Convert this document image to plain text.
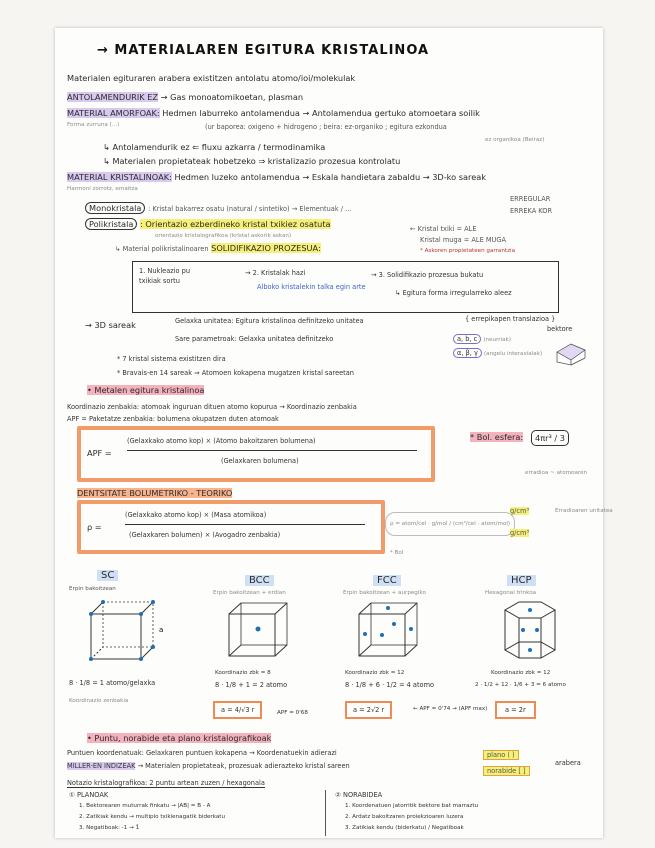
→ MATERIALAREN EGITURA KRISTALINOA
Materialen egituraren arabera existitzen antolatu atomo/ioi/molekulak
ANTOLAMENDURIK EZ → Gas monoatomikoetan, plasman
MATERIAL AMORFOAK: Hedmen laburreko antolamendua → Antolamendua gertuko atomoetara soilik
Forma zurruna (...)	(ur baporea: oxigeno + hidrogeno ; beira: ez-organiko ; egitura ezkondua
ez organikoa (Beiraz)
↳ Antolamendurik ez ⇐ fluxu azkarra / termodinamika
↳ Materialen propietateak hobetzeko ⇒ kristalizazio prozesua kontrolatu
MATERIAL KRISTALINOAK: Hedmen luzeko antolamendua → Eskala handietara zabaldu → 3D-ko sareak
Harmoni zorrotz, emaitza
ERREGULAR
ERREKA KOR
Monokristala : Kristal bakarrez osatu (natural / sintetiko) → Elementuak / ...
Polikristala : Orientazio ezberdineko kristal txikiez osatuta
orientazio kristalografikoa (kristal askorik askan)
← Kristal txiki = ALE
Kristal muga = ALE MUGA
* Askoren propietateen garrantzia
↳ Material polikristalinoaren SOLIDIFIKAZIO PROZESUA:
1. Nukleazio pu txikiak sortu
→ 2. Kristalak hazi
Alboko kristalekin talka egin arte
→ 3. Solidifikazio prozesua bukatu
↳ Egitura forma irregularreko aleez
→ 3D sareak	Gelaxka unitatea: Egitura kristalinoa definitzeko unitatea
Sare parametroak: Gelaxka unitatea definitzeko
{ errepikapen translazioa }
bektore
a, b, c (neurriak)
α, β, γ (angelu interaxialak)
* 7 kristal sistema existitzen dira
* Bravais-en 14 sareak ⇒ Atomoen kokapena mugatzen kristal sareetan
• Metalen egitura kristalinoa
Koordinazio zenbakia: atomoak inguruan dituen atomo kopurua → Koordinazio zenbakia
APF = Paketatze zenbakia: bolumena okupatzen duten atomoak
APF =
(Gelaxkako atomo kop) × (Atomo bakoitzaren bolumena)
(Gelaxkaren bolumena)
* Bol. esfera:	4πr³ / 3
erradioa ~ atomoaren
DENTSITATE BOLUMETRIKO - TEORIKO
ρ =
(Gelaxkako atomo kop) × (Masa atomikoa)
(Gelaxkaren bolumen) × (Avogadro zenbakia)
ρ = atom/cel · g/mol / (cm³/cel · atom/mol)
g/cm³
g/cm³
Erradioaren unitatea
* Bol
SC
Erpin bakoitzean
a
8 · 1/8 = 1 atomo/gelaxka
Koordinazio zenbakia
BCC
Erpin bakoitzean + erdian
Koordinazio zbk = 8
8 · 1/8 + 1 = 2 atomo
a = 4/√3 r	APF = 0'68
FCC
Erpin bakoitzean + aurpegiko
Koordinazio zbk = 12
8 · 1/8 + 6 · 1/2 = 4 atomo
a = 2√2 r	← APF = 0'74 → (APF max)
HCP
Hexagonal trinkoa
Koordinazio zbk = 12
2 · 1/2 + 12 · 1/6 + 3 = 6 atomo
a = 2r
• Puntu, norabide eta plano kristalografikoak
Puntuen koordenatuak: Gelaxkaren puntuen kokapena → Koordenatuekin adierazi
MILLER-EN INDIZEAK → Materialen propietateak, prozesuak adierazteko kristal sareen
plano ( )
norabide [ ]
arabera
Notazio kristalografikoa: 2 puntu artean zuzen / hexagonala
① PLANOAK
1. Bektorearen muturrak finkatu → |AB| = B - A
2. Zatikiak kendu → multiplo txikienagatik biderkatu
3. Negatiboak: -1 → 1̄
② NORABIDEA
1. Koordenatuen jatorritik bektore bat marraztu
2. Ardatz bakoitzaren proiekzioaren luzera
3. Zatikiak kendu (biderkatu) / Negatiboak
